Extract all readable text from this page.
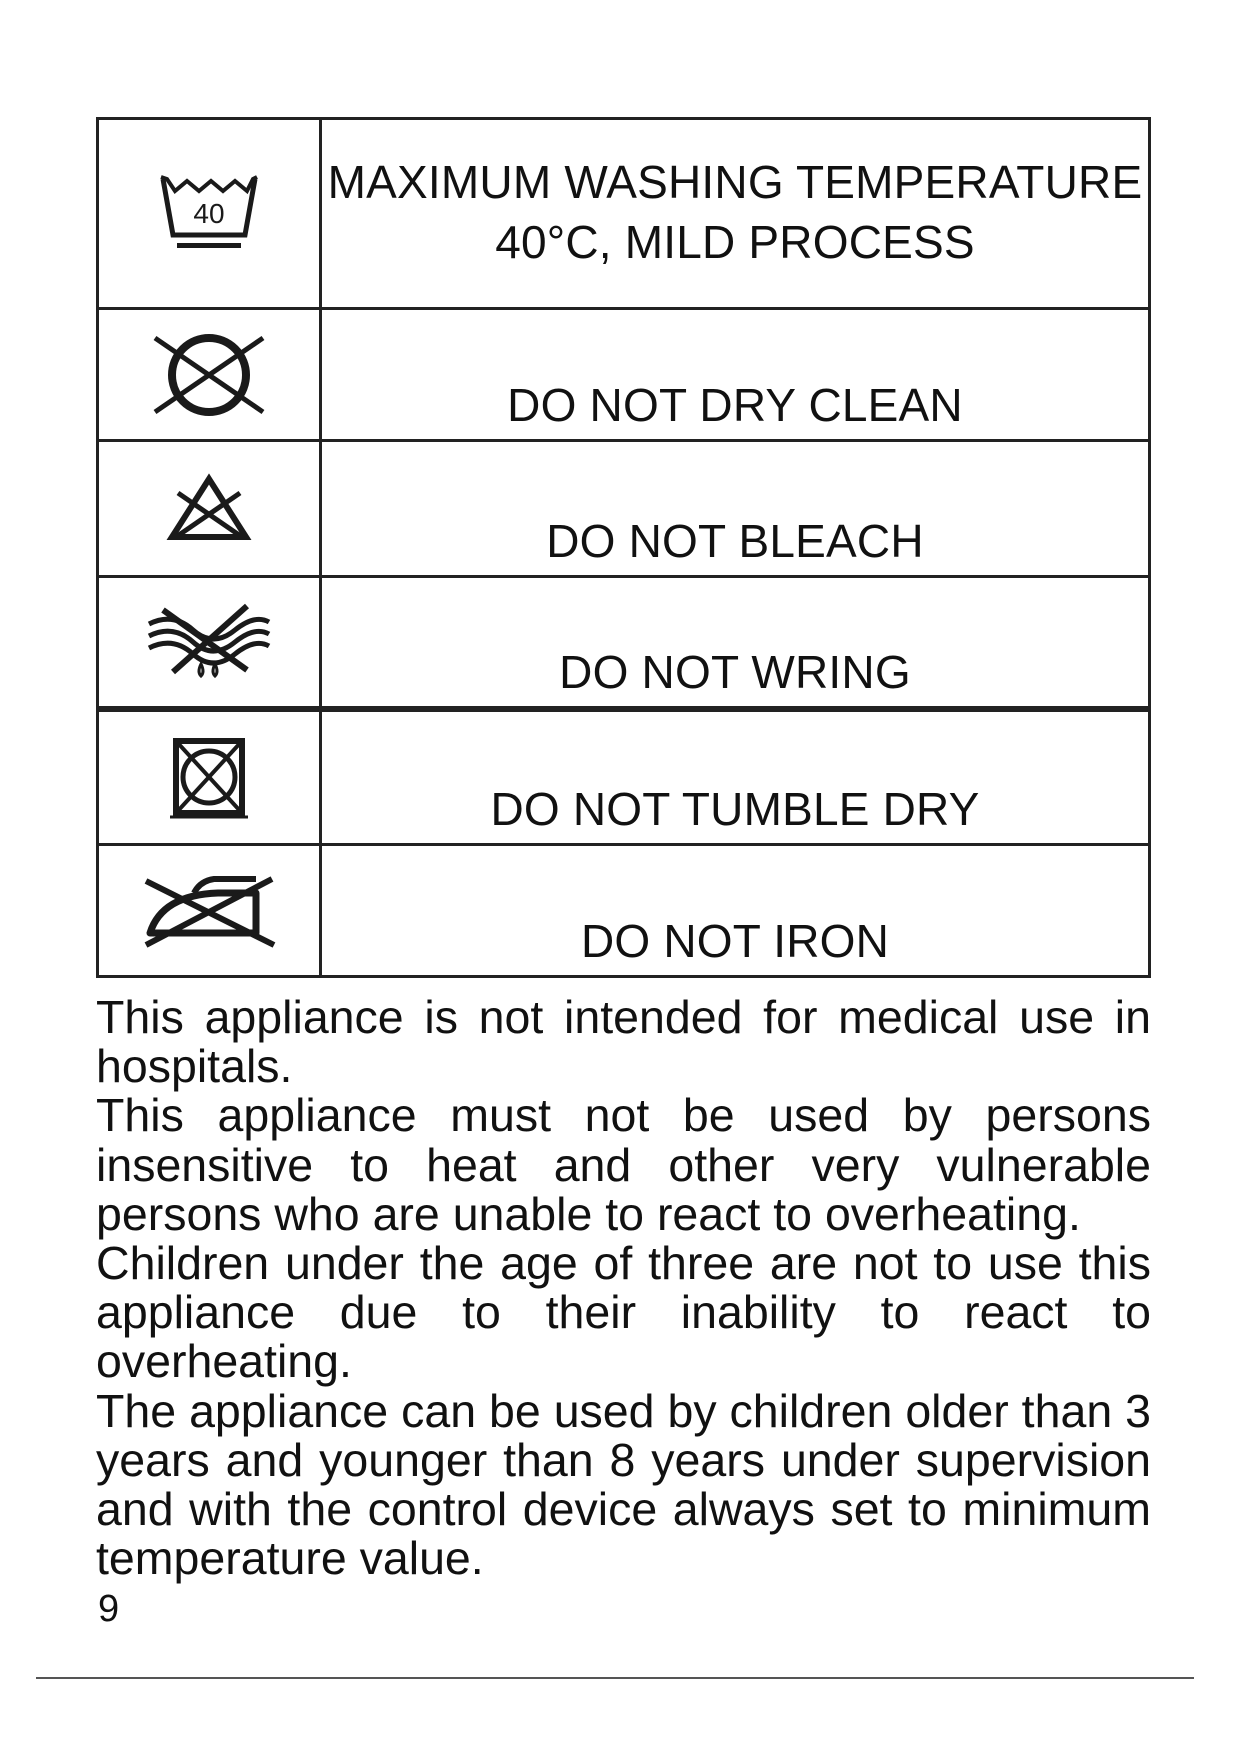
40	MAXIMUM WASHING TEMPERATURE 40°C, MILD PROCESS
	DO NOT DRY CLEAN
	DO NOT BLEACH
	DO NOT WRING
	DO NOT TUMBLE DRY
	DO NOT IRON

This appliance is not intended for medical use in hospitals.

This appliance must not be used by persons insensitive to heat and other very vulnerable persons who are unable to react to overheating.

Children under the age of three are not to use this appliance due to their inability to react to overheating.

The appliance can be used by children older than 3 years and younger than 8 years under supervision and with the control device always set to minimum temperature value.

9
